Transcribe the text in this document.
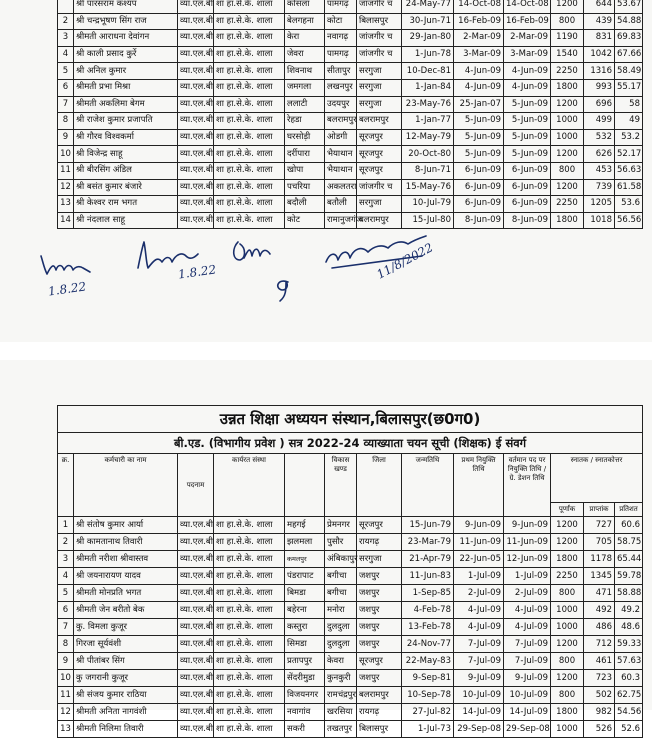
	श्री पारसराम कश्यप	व्या.एल.बी	शा हा.से.के. शाला	कोसला	पामगढ़	जांजगीर च	24-May-77	14-Oct-08	14-Oct-08	1200	644	53.67
2	श्री चन्द्रभूषण सिंग राज	व्या.एल.बी	शा हा.से.के. शाला	बेलगहना	कोटा	बिलासपुर	30-Jun-71	16-Feb-09	16-Feb-09	800	439	54.88
3	श्रीमती आराधना देवांगन	व्या.एल.बी	शा हा.से.के. शाला	केरा	नवागढ़	जांजगीर च	29-Jan-80	2-Mar-09	2-Mar-09	1190	831	69.83
4	श्री काली प्रसाद कुर्रे	व्या.एल.बी	शा हा.से.के. शाला	जेवरा	पामगढ़	जांजगीर च	1-Jun-78	3-Mar-09	3-Mar-09	1540	1042	67.66
5	श्री अनिल कुमार	व्या.एल.बी	शा हा.से.के. शाला	शिवनाथ	सीतापुर	सरगुजा	10-Dec-81	4-Jun-09	4-Jun-09	2250	1316	58.49
6	श्रीमती प्रभा मिश्रा	व्या.एल.बी	शा हा.से.के. शाला	जमगला	लखनपुर	सरगुजा	1-Jan-84	4-Jun-09	4-Jun-09	1800	993	55.17
7	श्रीमती अकलिमा बेगम	व्या.एल.बी	शा हा.से.के. शाला	ललाटी	उदयपुर	सरगुजा	23-May-76	25-Jan-07	5-Jun-09	1200	696	58
8	श्री राजेश कुमार प्रजापति	व्या.एल.बी	शा हा.से.के. शाला	रेहडा	बलरामपुर	बलरामपुर	1-Jan-77	5-Jun-09	5-Jun-09	1000	499	49
9	श्री गौरव विश्वकर्मा	व्या.एल.बी	शा हा.से.के. शाला	घरसोड़ी	ओडगी	सूरजपुर	12-May-79	5-Jun-09	5-Jun-09	1000	532	53.2
10	श्री विजेन्द्र साहू	व्या.एल.बी	शा हा.से.के. शाला	दर्रीपारा	भैयाथान	सूरजपुर	20-Oct-80	5-Jun-09	5-Jun-09	1200	626	52.17
11	श्री बीरसिंग अंडिल	व्या.एल.बी	शा हा.से.के. शाला	खोपा	भैयाथान	सूरजपुर	8-Jun-71	6-Jun-09	6-Jun-09	800	453	56.63
12	श्री बसंत कुमार बंजारे	व्या.एल.बी	शा हा.से.के. शाला	पचरिया	अकलतरा	जांजगीर च	15-May-76	6-Jun-09	6-Jun-09	1200	739	61.58
13	श्री केश्वर राम भगत	व्या.एल.बी	शा हा.से.के. शाला	बदौली	बतौली	सरगुजा	10-Jul-79	6-Jun-09	6-Jun-09	2250	1205	53.6
14	श्री नंदलाल साहू	व्या.एल.बी	शा हा.से.के. शाला	कोट	रामानुजगंज	बलरामपुर	15-Jul-80	8-Jun-09	8-Jun-09	1800	1018	56.56
1.8.22
1.8.22	11/8/2022
उन्नत शिक्षा अध्ययन संस्थान,बिलासपुर(छ0ग0)												
बी.एड. (विभागीय प्रवेश ) सत्र 2022-24 व्याख्याता चयन सूची (शिक्षक) ई संवर्ग												
क्र.	कर्मचारी का नाम	पदनाम	कार्यरत संस्था		विकास खण्ड	जिला	जन्मतिथि	प्रथम नियुक्ति तिथि	वर्तमान पद पर नियुक्ति तिथि / ग्रे. डेशन तिथि	स्नातक / स्नातकोत्तर		
										पूर्णांक	प्राप्तांक	प्रतिशत
1	श्री संतोष कुमार आर्या	व्या.एल.बी	शा हा.से.के. शाला	महगई	प्रेमनगर	सूरजपुर	15-Jun-79	9-Jun-09	9-Jun-09	1200	727	60.6
2	श्री कामतानाथ तिवारी	व्या.एल.बी	शा हा.से.के. शाला	झलमला	पुसौर	रायगढ़	23-Mar-79	11-Jun-09	11-Jun-09	1200	705	58.75
3	श्रीमती नरीशा श्रीवास्तव	व्या.एल.बी	शा हा.से.के. शाला	कमलपुर	अंबिकापुर	सरगुजा	21-Apr-79	22-Jun-05	12-Jun-09	1800	1178	65.44
4	श्री जयनारायण यादव	व्या.एल.बी	शा हा.से.के. शाला	पंडरापाट	बगीचा	जशपुर	11-Jun-83	1-Jul-09	1-Jul-09	2250	1345	59.78
5	श्रीमती मोनप्रति भगत	व्या.एल.बी	शा हा.से.के. शाला	बिमडा	बगीचा	जशपुर	1-Sep-85	2-Jul-09	2-Jul-09	800	471	58.88
6	श्रीमती जेन बरीतो बेक	व्या.एल.बी	शा हा.से.के. शाला	बहेरना	मनोरा	जशपुर	4-Feb-78	4-Jul-09	4-Jul-09	1000	492	49.2
7	कु. विमला कुजूर	व्या.एल.बी	शा हा.से.के. शाला	कस्तुरा	दुलदुला	जशपुर	13-Feb-78	4-Jul-09	4-Jul-09	1000	486	48.6
8	गिरजा सूर्यवंशी	व्या.एल.बी	शा हा.से.के. शाला	सिमडा	दुलदुला	जशपुर	24-Nov-77	7-Jul-09	7-Jul-09	1200	712	59.33
9	श्री पीतांबर सिंग	व्या.एल.बी	शा हा.से.के. शाला	प्रतापपुर	केवरा	सूरजपुर	22-May-83	7-Jul-09	7-Jul-09	800	461	57.63
10	कु जगरानी कुजूर	व्या.एल.बी	शा हा.से.के. शाला	सेंदरीमुडा	कुनकुरी	जशपुर	9-Sep-81	9-Jul-09	9-Jul-09	1200	723	60.3
11	श्री संजय कुमार राठिया	व्या.एल.बी	शा हा.से.के. शाला	विजयनगर	रामचंद्रपुर	बलरामपुर	10-Sep-78	10-Jul-09	10-Jul-09	800	502	62.75
12	श्रीमती अनिता नागवंशी	व्या.एल.बी	शा हा.से.के. शाला	नवागांव	खरसिया	रायगढ़	27-Jul-82	14-Jul-09	14-Jul-09	1800	982	54.56
13	श्रीमती निलिमा तिवारी	व्या.एल.बी	शा हा.से.के. शाला	सकरी	तखतपुर	बिलासपुर	1-Jul-73	29-Sep-08	29-Sep-08	1000	526	52.6
